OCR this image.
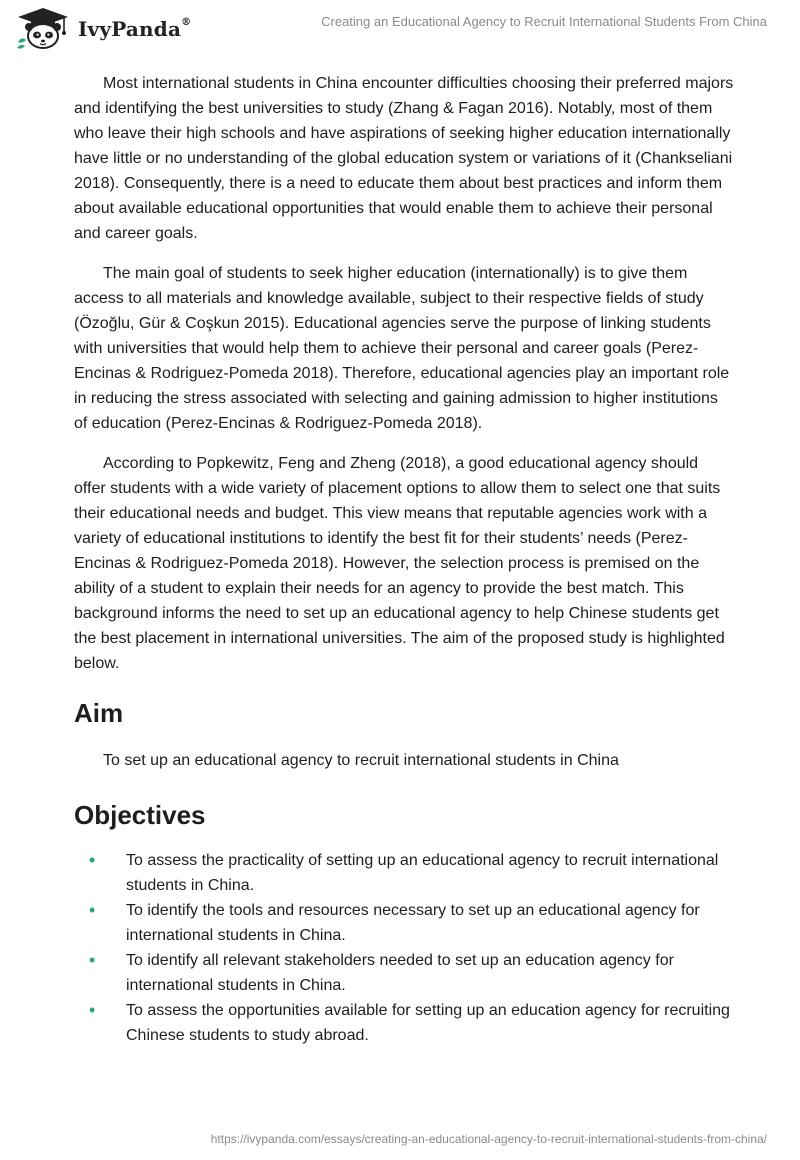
IvyPanda®	Creating an Educational Agency to Recruit International Students From China

Most international students in China encounter difficulties choosing their preferred majors and identifying the best universities to study (Zhang & Fagan 2016). Notably, most of them who leave their high schools and have aspirations of seeking higher education internationally have little or no understanding of the global education system or variations of it (Chankseliani 2018). Consequently, there is a need to educate them about best practices and inform them about available educational opportunities that would enable them to achieve their personal and career goals.

The main goal of students to seek higher education (internationally) is to give them access to all materials and knowledge available, subject to their respective fields of study (Özoğlu, Gür & Coşkun 2015). Educational agencies serve the purpose of linking students with universities that would help them to achieve their personal and career goals (Perez-Encinas & Rodriguez-Pomeda 2018). Therefore, educational agencies play an important role in reducing the stress associated with selecting and gaining admission to higher institutions of education (Perez-Encinas & Rodriguez-Pomeda 2018).

According to Popkewitz, Feng and Zheng (2018), a good educational agency should offer students with a wide variety of placement options to allow them to select one that suits their educational needs and budget. This view means that reputable agencies work with a variety of educational institutions to identify the best fit for their students’ needs (Perez-Encinas & Rodriguez-Pomeda 2018). However, the selection process is premised on the ability of a student to explain their needs for an agency to provide the best match. This background informs the need to set up an educational agency to help Chinese students get the best placement in international universities. The aim of the proposed study is highlighted below.

Aim

To set up an educational agency to recruit international students in China

Objectives
• To assess the practicality of setting up an educational agency to recruit international students in China.
• To identify the tools and resources necessary to set up an educational agency for international students in China.
• To identify all relevant stakeholders needed to set up an education agency for international students in China.
• To assess the opportunities available for setting up an education agency for recruiting Chinese students to study abroad.
https://ivypanda.com/essays/creating-an-educational-agency-to-recruit-international-students-from-china/
